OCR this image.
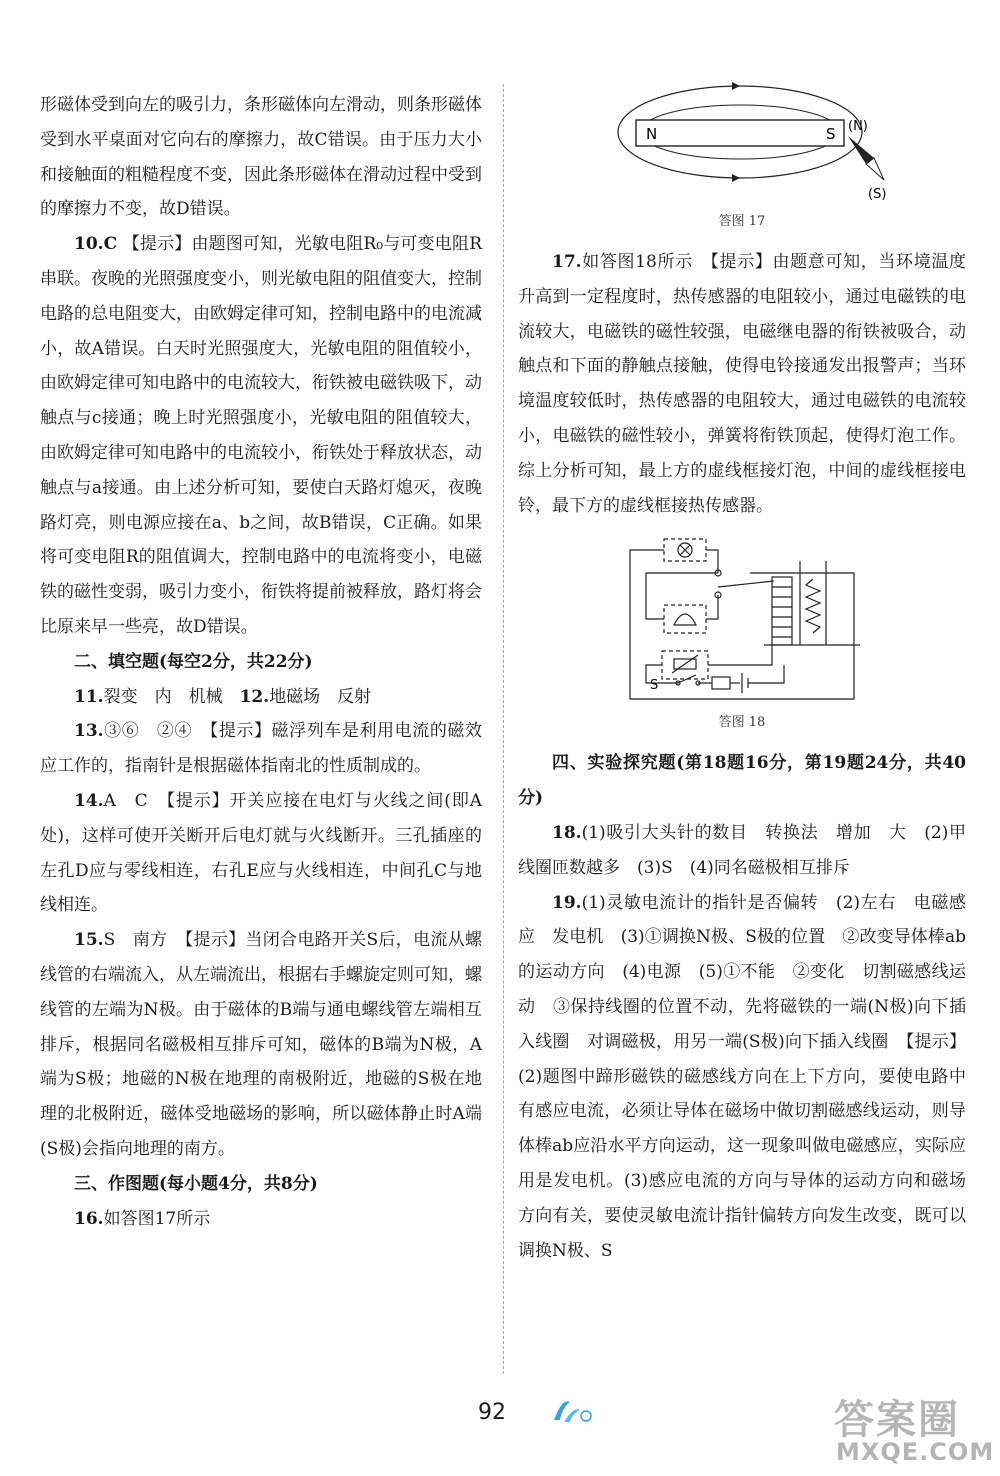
形磁体受到向左的吸引力，条形磁体向左滑动，则条形磁体受到水平桌面对它向右的摩擦力，故C错误。由于压力大小和接触面的粗糙程度不变，因此条形磁体在滑动过程中受到的摩擦力不变，故D错误。

10.C 【提示】由题图可知，光敏电阻R₀与可变电阻R串联。夜晚的光照强度变小，则光敏电阻的阻值变大，控制电路的总电阻变大，由欧姆定律可知，控制电路中的电流减小，故A错误。白天时光照强度大，光敏电阻的阻值较小，由欧姆定律可知电路中的电流较大，衔铁被电磁铁吸下，动触点与c接通；晚上时光照强度小，光敏电阻的阻值较大，由欧姆定律可知电路中的电流较小，衔铁处于释放状态，动触点与a接通。由上述分析可知，要使白天路灯熄灭，夜晚路灯亮，则电源应接在a、b之间，故B错误，C正确。如果将可变电阻R的阻值调大，控制电路中的电流将变小，电磁铁的磁性变弱，吸引力变小，衔铁将提前被释放，路灯将会比原来早一些亮，故D错误。

二、填空题(每空2分，共22分)

11.裂变　内　机械　12.地磁场　反射

13.③⑥　②④　【提示】磁浮列车是利用电流的磁效应工作的，指南针是根据磁体指南北的性质制成的。

14.A　C　【提示】开关应接在电灯与火线之间(即A处)，这样可使开关断开后电灯就与火线断开。三孔插座的左孔D应与零线相连，右孔E应与火线相连，中间孔C与地线相连。

15.S　南方　【提示】当闭合电路开关S后，电流从螺线管的右端流入，从左端流出，根据右手螺旋定则可知，螺线管的左端为N极。由于磁体的B端与通电螺线管左端相互排斥，根据同名磁极相互排斥可知，磁体的B端为N极，A端为S极；地磁的N极在地理的南极附近，地磁的S极在地理的北极附近，磁体受地磁场的影响，所以磁体静止时A端(S极)会指向地理的南方。

三、作图题(每小题4分，共8分)

16.如答图17所示

N	S (N)
(S)
答图 17

17.如答图18所示　【提示】由题意可知，当环境温度升高到一定程度时，热传感器的电阻较小，通过电磁铁的电流较大，电磁铁的磁性较强，电磁继电器的衔铁被吸合，动触点和下面的静触点接触，使得电铃接通发出报警声；当环境温度较低时，热传感器的电阻较大，通过电磁铁的电流较小，电磁铁的磁性较小，弹簧将衔铁顶起，使得灯泡工作。综上分析可知，最上方的虚线框接灯泡，中间的虚线框接电铃，最下方的虚线框接热传感器。

S
答图 18

四、实验探究题(第18题16分，第19题24分，共40分)

18.(1)吸引大头针的数目　转换法　增加　大　(2)甲　线圈匝数越多　(3)S　(4)同名磁极相互排斥

19.(1)灵敏电流计的指针是否偏转　(2)左右　电磁感应　发电机　(3)①调换N极、S极的位置　②改变导体棒ab的运动方向　(4)电源　(5)①不能　②变化　切割磁感线运动　③保持线圈的位置不动，先将磁铁的一端(N极)向下插入线圈　对调磁极，用另一端(S极)向下插入线圈　【提示】(2)题图中蹄形磁铁的磁感线方向在上下方向，要使电路中有感应电流，必须让导体在磁场中做切割磁感线运动，则导体棒ab应沿水平方向运动，这一现象叫做电磁感应，实际应用是发电机。(3)感应电流的方向与导体的运动方向和磁场方向有关，要使灵敏电流计指针偏转方向发生改变，既可以调换N极、S

92	答案圈
MXQE.COM
